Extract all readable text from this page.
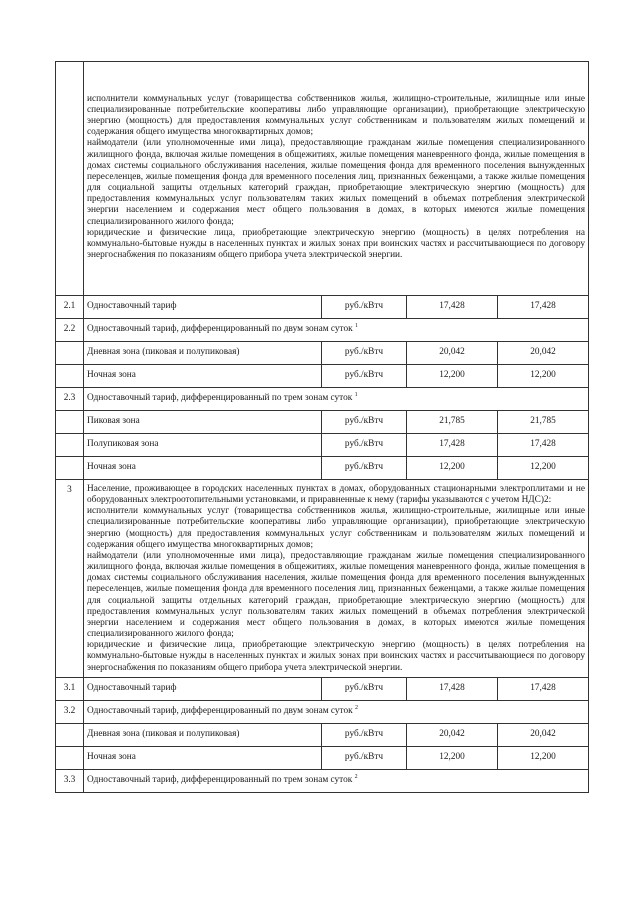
	исполнители коммунальных услуг (товарищества собственников жилья, жилищно-строительные, жилищные или иные специализированные потребительские кооперативы либо управляющие организации), приобретающие электрическую энергию (мощность) для предоставления коммунальных услуг собственникам и пользователям жилых помещений и содержания общего имущества многоквартирных домов;
наймодатели (или уполномоченные ими лица), предоставляющие гражданам жилые помещения специализированного жилищного фонда, включая жилые помещения в общежитиях, жилые помещения маневренного фонда, жилые помещения в домах системы социального обслуживания населения, жилые помещения фонда для временного поселения вынужденных переселенцев, жилые помещения фонда для временного поселения лиц, признанных беженцами, а также жилые помещения для социальной защиты отдельных категорий граждан, приобретающие электрическую энергию (мощность) для предоставления коммунальных услуг пользователям таких жилых помещений в объемах потребления электрической энергии населением и содержания мест общего пользования в домах, в которых имеются жилые помещения специализированного жилого фонда;
юридические и физические лица, приобретающие электрическую энергию (мощность) в целях потребления на коммунально-бытовые нужды в населенных пунктах и жилых зонах при воинских частях и рассчитывающиеся по договору энергоснабжения по показаниям общего прибора учета электрической энергии.			

2.1	Одноставочный тариф	руб./кВтч	17,428	17,428
2.2	Одноставочный тариф, дифференцированный по двум зонам суток $^1$
	Дневная зона (пиковая и полупиковая)	руб./кВтч	20,042	20,042
	Ночная зона	руб./кВтч	12,200	12,200
2.3	Одноставочный тариф, дифференцированный по трем зонам суток $^1$
	Пиковая зона	руб./кВтч	21,785	21,785
	Полупиковая зона	руб./кВтч	17,428	17,428
	Ночная зона	руб./кВтч	12,200	12,200
3	Население, проживающее в городских населенных пунктах в домах, оборудованных стационарными электроплитами и не оборудованных электроотопительными установками, и приравненные к нему (тарифы указываются с учетом НДС)2:
исполнители коммунальных услуг (товарищества собственников жилья, жилищно-строительные, жилищные или иные специализированные потребительские кооперативы либо управляющие организации), приобретающие электрическую энергию (мощность) для предоставления коммунальных услуг собственникам и пользователям жилых помещений и содержания общего имущества многоквартирных домов;
наймодатели (или уполномоченные ими лица), предоставляющие гражданам жилые помещения специализированного жилищного фонда, включая жилые помещения в общежитиях, жилые помещения маневренного фонда, жилые помещения в домах системы социального обслуживания населения, жилые помещения фонда для временного поселения вынужденных переселенцев, жилые помещения фонда для временного поселения лиц, признанных беженцами, а также жилые помещения для социальной защиты отдельных категорий граждан, приобретающие электрическую энергию (мощность) для предоставления коммунальных услуг пользователям таких жилых помещений в объемах потребления электрической энергии населением и содержания мест общего пользования в домах, в которых имеются жилые помещения специализированного жилого фонда;
юридические и физические лица, приобретающие электрическую энергию (мощность) в целях потребления на коммунально-бытовые нужды в населенных пунктах и жилых зонах при воинских частях и рассчитывающиеся по договору энергоснабжения по показаниям общего прибора учета электрической энергии.			

3.1	Одноставочный тариф	руб./кВтч	17,428	17,428
3.2	Одноставочный тариф, дифференцированный по двум зонам суток $^2$
	Дневная зона (пиковая и полупиковая)	руб./кВтч	20,042	20,042
	Ночная зона	руб./кВтч	12,200	12,200
3.3	Одноставочный тариф, дифференцированный по трем зонам суток $^2$
